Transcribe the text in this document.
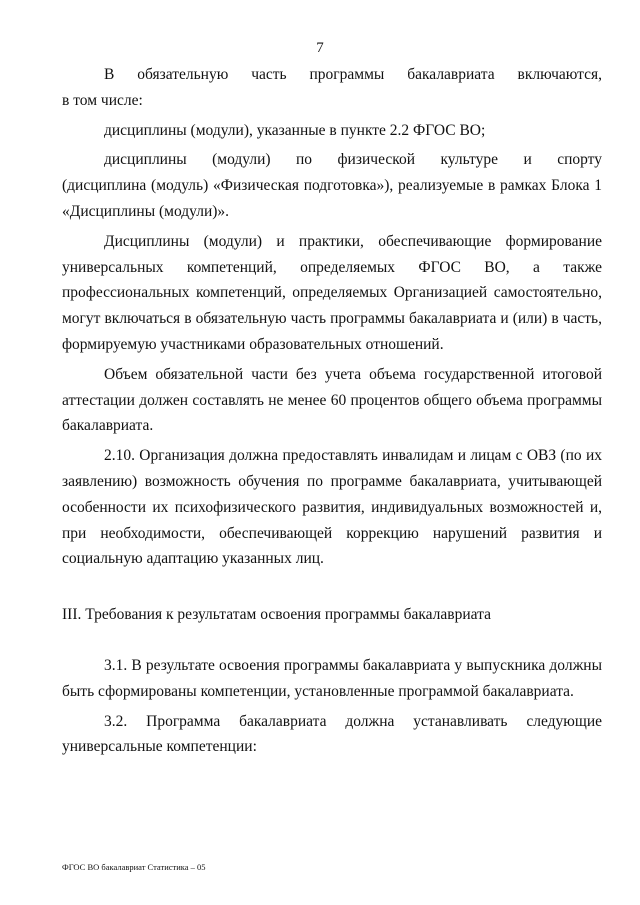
7

В обязательную часть программы бакалавриата включаются,

в том числе:

дисциплины (модули), указанные в пункте 2.2 ФГОС ВО;

дисциплины (модули) по физической культуре и спорту

(дисциплина (модуль) «Физическая подготовка»), реализуемые в рамках Блока 1 «Дисциплины (модули)».

Дисциплины (модули) и практики, обеспечивающие формирование универсальных компетенций, определяемых ФГОС ВО, а также профессиональных компетенций, определяемых Организацией самостоятельно, могут включаться в обязательную часть программы бакалавриата и (или) в часть, формируемую участниками образовательных отношений.

Объем обязательной части без учета объема государственной итоговой аттестации должен составлять не менее 60 процентов общего объема программы бакалавриата.

2.10. Организация должна предоставлять инвалидам и лицам с ОВЗ (по их заявлению) возможность обучения по программе бакалавриата, учитывающей особенности их психофизического развития, индивидуальных возможностей и, при необходимости, обеспечивающей коррекцию нарушений развития и социальную адаптацию указанных лиц.

III. Требования к результатам освоения программы бакалавриата

3.1. В результате освоения программы бакалавриата у выпускника должны быть сформированы компетенции, установленные программой бакалавриата.

3.2. Программа бакалавриата должна устанавливать следующие универсальные компетенции:

ФГОС ВО бакалавриат Статистика – 05
